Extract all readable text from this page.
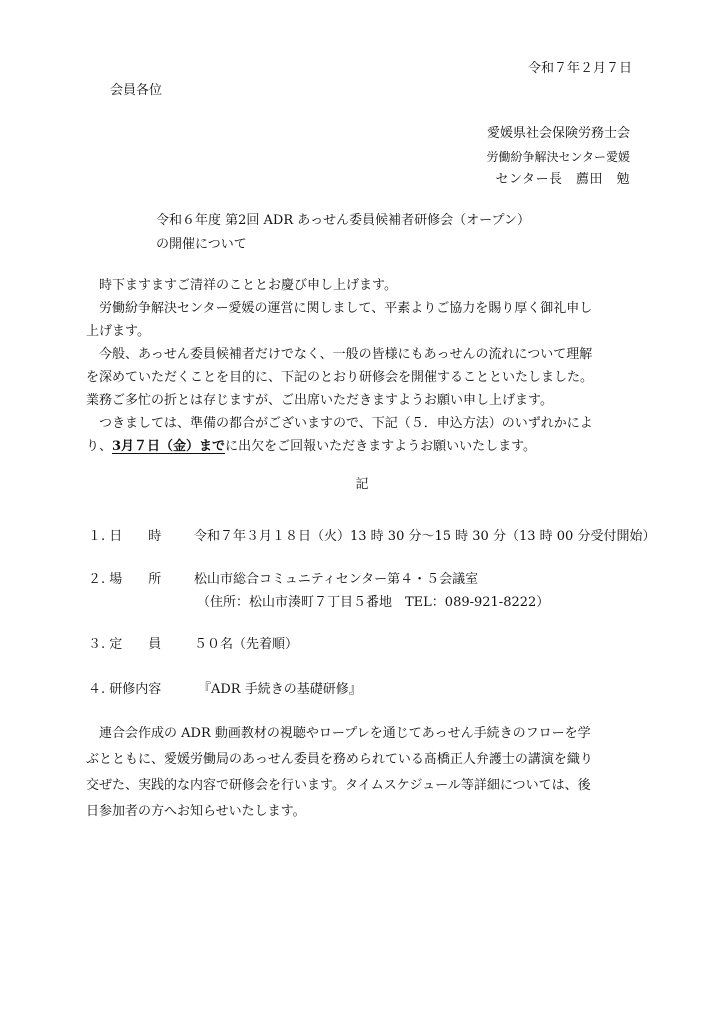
令和７年２月７日
会員各位
愛媛県社会保険労務士会
労働紛争解決センター愛媛
センター長　薦田　勉
令和６年度 第2回 ADR あっせん委員候補者研修会（オープン）
の開催について
　時下ますますご清祥のこととお慶び申し上げます。
　労働紛争解決センター愛媛の運営に関しまして、平素よりご協力を賜り厚く御礼申し
上げます。
　今般、あっせん委員候補者だけでなく、一般の皆様にもあっせんの流れについて理解
を深めていただくことを目的に、下記のとおり研修会を開催することといたしました。
業務ご多忙の折とは存じますが、ご出席いただきますようお願い申し上げます。
　つきましては、準備の都合がございますので、下記（５．申込方法）のいずれかによ
り、3月７日（金）までに出欠をご回報いただきますようお願いいたします。
記
１. 日　　時	令和７年３月１８日（火）13 時 30 分～15 時 30 分（13 時 00 分受付開始）
２. 場　　所	松山市総合コミュニティセンター第４・５会議室
（住所：松山市湊町７丁目５番地　TEL：089-921-8222）
３. 定　　員	５０名（先着順）
４. 研修内容	『ADR 手続きの基礎研修』
　連合会作成の ADR 動画教材の視聴やロープレを通じてあっせん手続きのフローを学
ぶとともに、愛媛労働局のあっせん委員を務められている髙橋正人弁護士の講演を織り
交ぜた、実践的な内容で研修会を行います。タイムスケジュール等詳細については、後
日参加者の方へお知らせいたします。
